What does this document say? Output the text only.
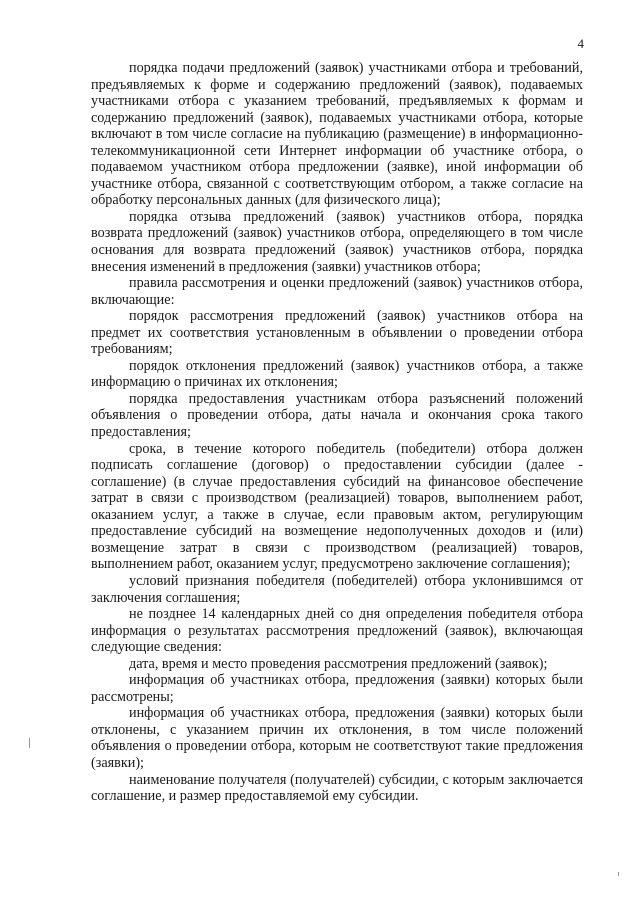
4

порядка подачи предложений (заявок) участниками отбора и требований, предъявляемых к форме и содержанию предложений (заявок), подаваемых участниками отбора с указанием требований, предъявляемых к формам и содержанию предложений (заявок), подаваемых участниками отбора, которые включают в том числе согласие на публикацию (размещение) в информационно-телекоммуникационной сети Интернет информации об участнике отбора, о подаваемом участником отбора предложении (заявке), иной информации об участнике отбора, связанной с соответствующим отбором, а также согласие на обработку персональных данных (для физического лица);

порядка отзыва предложений (заявок) участников отбора, порядка возврата предложений (заявок) участников отбора, определяющего в том числе основания для возврата предложений (заявок) участников отбора, порядка внесения изменений в предложения (заявки) участников отбора;

правила рассмотрения и оценки предложений (заявок) участников отбора, включающие:

порядок рассмотрения предложений (заявок) участников отбора на предмет их соответствия установленным в объявлении о проведении отбора требованиям;

порядок отклонения предложений (заявок) участников отбора, а также информацию о причинах их отклонения;

порядка предоставления участникам отбора разъяснений положений объявления о проведении отбора, даты начала и окончания срока такого предоставления;

срока, в течение которого победитель (победители) отбора должен подписать соглашение (договор) о предоставлении субсидии (далее - соглашение) (в случае предоставления субсидий на финансовое обеспечение затрат в связи с производством (реализацией) товаров, выполнением работ, оказанием услуг, а также в случае, если правовым актом, регулирующим предоставление субсидий на возмещение недополученных доходов и (или) возмещение затрат в связи с производством (реализацией) товаров, выполнением работ, оказанием услуг, предусмотрено заключение соглашения);

условий признания победителя (победителей) отбора уклонившимся от заключения соглашения;

не позднее 14 календарных дней со дня определения победителя отбора информация о результатах рассмотрения предложений (заявок), включающая следующие сведения:

дата, время и место проведения рассмотрения предложений (заявок);

информация об участниках отбора, предложения (заявки) которых были рассмотрены;

информация об участниках отбора, предложения (заявки) которых были отклонены, с указанием причин их отклонения, в том числе положений объявления о проведении отбора, которым не соответствуют такие предложения (заявки);

наименование получателя (получателей) субсидии, с которым заключается соглашение, и размер предоставляемой ему субсидии.
